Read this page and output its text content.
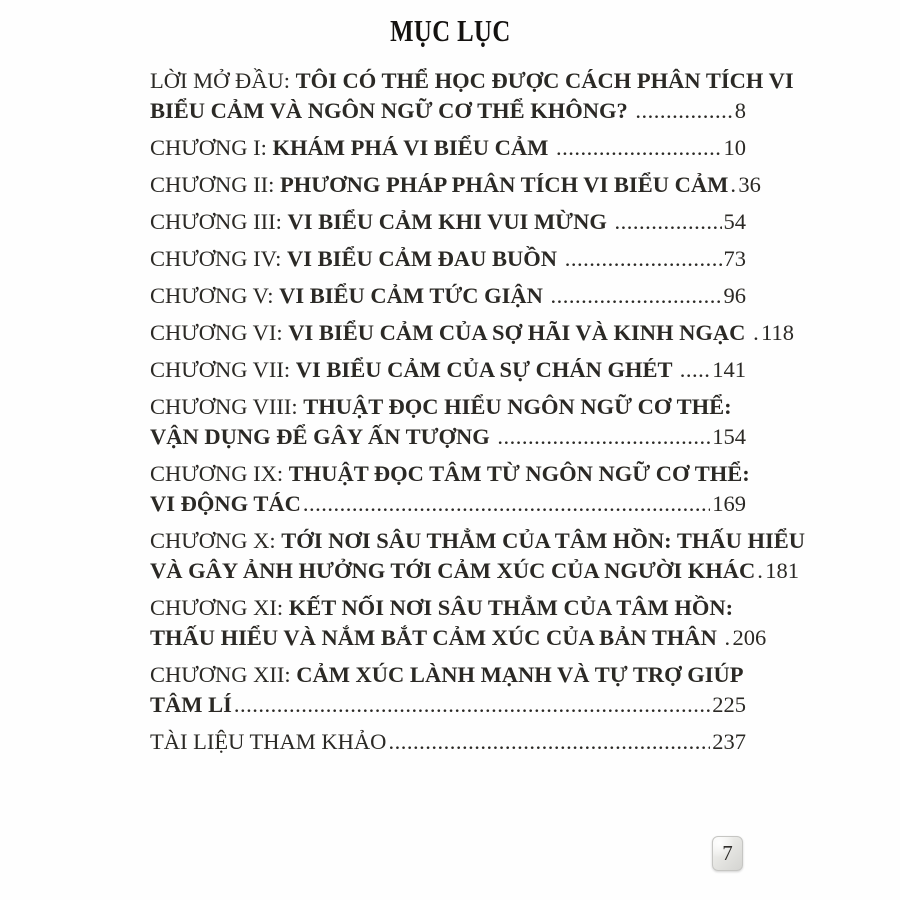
MỤC LỤC
LỜI MỞ ĐẦU: TÔI CÓ THỂ HỌC ĐƯỢC CÁCH PHÂN TÍCH VI
BIỂU CẢM VÀ NGÔN NGỮ CƠ THỂ KHÔNG? .....	8
CHƯƠNG I: KHÁM PHÁ VI BIỂU CẢM .....	10
CHƯƠNG II: PHƯƠNG PHÁP PHÂN TÍCH VI BIỂU CẢM ..... 36
CHƯƠNG III: VI BIỂU CẢM KHI VUI MỪNG .....	54
CHƯƠNG IV: VI BIỂU CẢM ĐAU BUỒN .....	73
CHƯƠNG V: VI BIỂU CẢM TỨC GIẬN .....	96
CHƯƠNG VI: VI BIỂU CẢM CỦA SỢ HÃI VÀ KINH NGẠC ..... 118
CHƯƠNG VII: VI BIỂU CẢM CỦA SỰ CHÁN GHÉT ..... 141
CHƯƠNG VIII: THUẬT ĐỌC HIỂU NGÔN NGỮ CƠ THỂ:
VẬN DỤNG ĐỂ GÂY ẤN TƯỢNG .....	154
CHƯƠNG IX: THUẬT ĐỌC TÂM TỪ NGÔN NGỮ CƠ THỂ:
VI ĐỘNG TÁC .....	169
CHƯƠNG X: TỚI NƠI SÂU THẲM CỦA TÂM HỒN: THẤU HIỂU
VÀ GÂY ẢNH HƯỞNG TỚI CẢM XÚC CỦA NGƯỜI KHÁC ..... 181
CHƯƠNG XI: KẾT NỐI NƠI SÂU THẲM CỦA TÂM HỒN:
THẤU HIỂU VÀ NẮM BẮT CẢM XÚC CỦA BẢN THÂN ..... 206
CHƯƠNG XII: CẢM XÚC LÀNH MẠNH VÀ TỰ TRỢ GIÚP
TÂM LÍ .....	225
TÀI LIỆU THAM KHẢO .....	237
7
